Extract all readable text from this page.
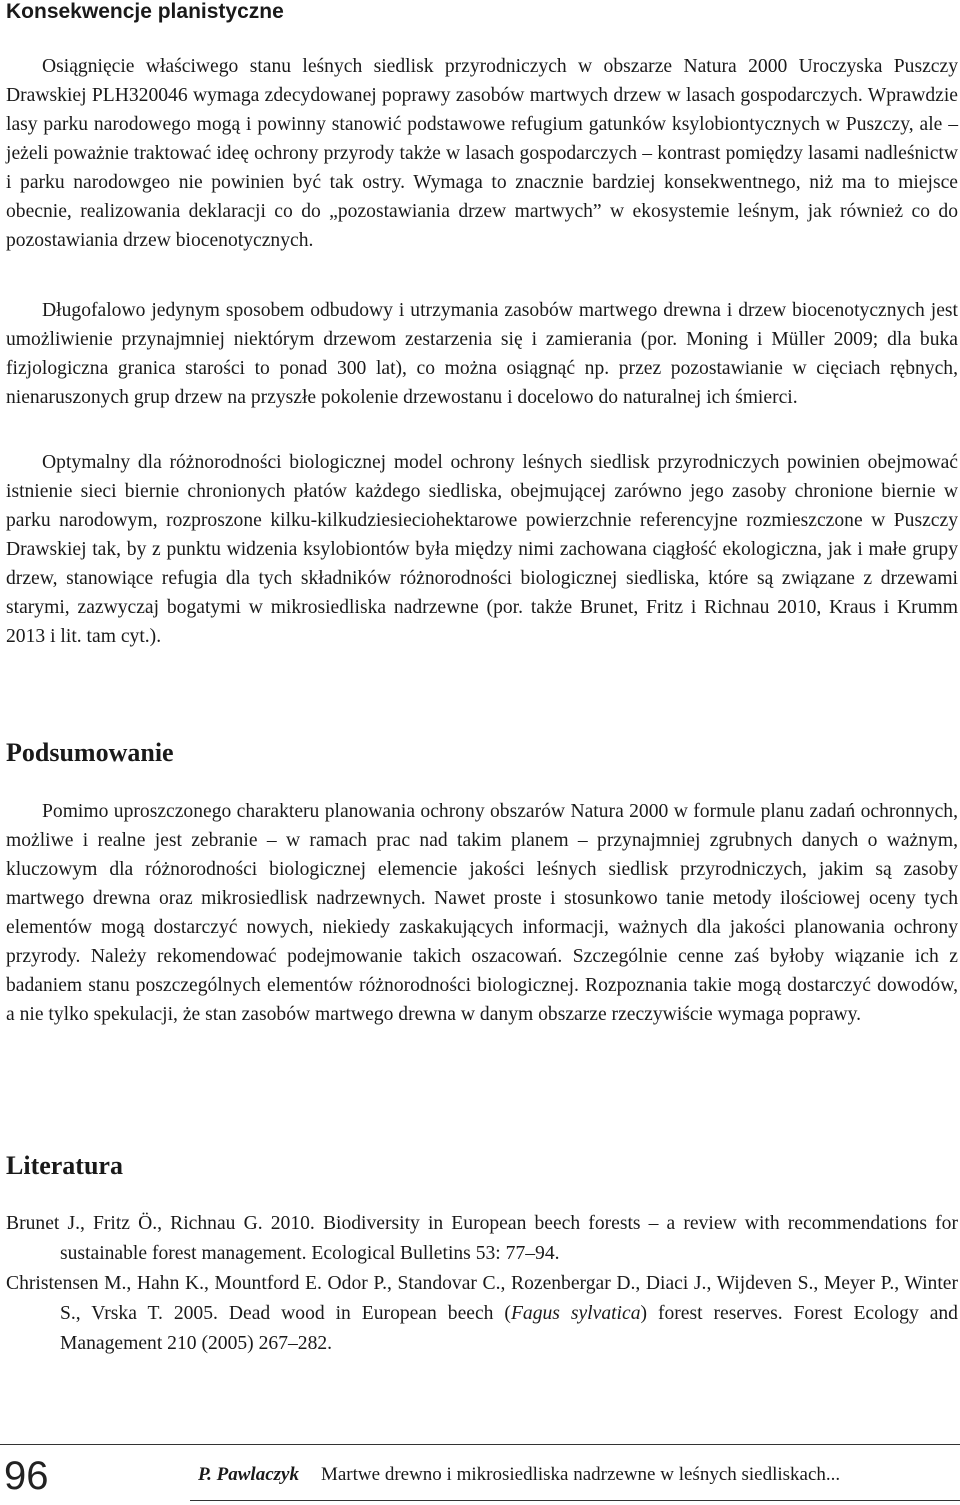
Konsekwencje planistyczne

Osiągnięcie właściwego stanu leśnych siedlisk przyrodniczych w obszarze Natura 2000 Uroczyska Puszczy Drawskiej PLH320046 wymaga zdecydowanej poprawy zasobów martwych drzew w lasach gospodarczych. Wprawdzie lasy parku narodowego mogą i powinny stanowić podstawowe refugium gatunków ksylobiontycznych w Puszczy, ale – jeżeli poważnie traktować ideę ochrony przyrody także w lasach gospodarczych – kontrast pomiędzy lasami nadleśnictw i parku narodowgeo nie powinien być tak ostry. Wymaga to znacznie bardziej konsekwentnego, niż ma to miejsce obecnie, realizowania deklaracji co do „pozostawiania drzew martwych” w ekosystemie leśnym, jak również co do pozostawiania drzew biocenotycznych.

Długofalowo jedynym sposobem odbudowy i utrzymania zasobów martwego drewna i drzew biocenotycznych jest umożliwienie przynajmniej niektórym drzewom zestarzenia się i zamierania (por. Moning i Müller 2009; dla buka fizjologiczna granica starości to ponad 300 lat), co można osiągnąć np. przez pozostawianie w cięciach rębnych, nienaruszonych grup drzew na przyszłe pokolenie drzewostanu i docelowo do naturalnej ich śmierci.

Optymalny dla różnorodności biologicznej model ochrony leśnych siedlisk przyrodniczych powinien obejmować istnienie sieci biernie chronionych płatów każdego siedliska, obejmującej zarówno jego zasoby chronione biernie w parku narodowym, rozproszone kilku-kilkudziesieciohektarowe powierzchnie referencyjne rozmieszczone w Puszczy Drawskiej tak, by z punktu widzenia ksylobiontów była między nimi zachowana ciągłość ekologiczna, jak i małe grupy drzew, stanowiące refugia dla tych składników różnorodności biologicznej siedliska, które są związane z drzewami starymi, zazwyczaj bogatymi w mikrosiedliska nadrzewne (por. także Brunet, Fritz i Richnau 2010, Kraus i Krumm 2013 i lit. tam cyt.).

Podsumowanie

Pomimo uproszczonego charakteru planowania ochrony obszarów Natura 2000 w formule planu zadań ochronnych, możliwe i realne jest zebranie – w ramach prac nad takim planem – przynajmniej zgrubnych danych o ważnym, kluczowym dla różnorodności biologicznej elemencie jakości leśnych siedlisk przyrodniczych, jakim są zasoby martwego drewna oraz mikrosiedlisk nadrzewnych. Nawet proste i stosunkowo tanie metody ilościowej oceny tych elementów mogą dostarczyć nowych, niekiedy zaskakujących informacji, ważnych dla jakości planowania ochrony przyrody. Należy rekomendować podejmowanie takich oszacowań. Szczególnie cenne zaś byłoby wiązanie ich z badaniem stanu poszczególnych elementów różnorodności biologicznej. Rozpoznania takie mogą dostarczyć dowodów, a nie tylko spekulacji, że stan zasobów martwego drewna w danym obszarze rzeczywiście wymaga poprawy.

Literatura

Brunet J., Fritz Ö., Richnau G. 2010. Biodiversity in European beech forests – a review with recommendations for sustainable forest management. Ecological Bulletins 53: 77–94.

Christensen M., Hahn K., Mountford E. Odor P., Standovar C., Rozenbergar D., Diaci J., Wijdeven S., Meyer P., Winter S., Vrska T. 2005. Dead wood in European beech (Fagus sylvatica) forest reserves. Forest Ecology and Management 210 (2005) 267–282.

96	P. Pawlaczyk Martwe drewno i mikrosiedliska nadrzewne w leśnych siedliskach...
